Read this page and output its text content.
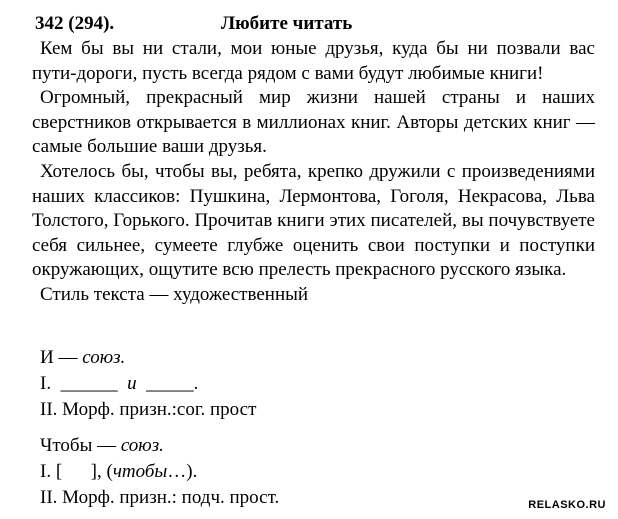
342 (294).	Любите читать

Кем бы вы ни стали, мои юные друзья, куда бы ни позвали вас пути-дороги, пусть всегда рядом с вами будут любимые книги!

Огромный, прекрасный мир жизни нашей страны и наших сверстников открывается в миллионах книг. Авторы детских книг — самые большие ваши друзья.

Хотелось бы, чтобы вы, ребята, крепко дружили с произведениями наших классиков: Пушкина, Лермонтова, Гоголя, Некрасова, Льва Толстого, Горького. Прочитав книги этих писателей, вы почувствуете себя сильнее, сумеете глубже оценить свои поступки и поступки окружающих, ощутите всю прелесть прекрасного русского языка.

Стиль текста — художественный
И — союз.
I.  ______ и _____.
II. Морф. призн.:сог. прост
Чтобы — союз.
I. [      ], (чтобы…).
II. Морф. призн.: подч. прост.	RELASKO.RU
